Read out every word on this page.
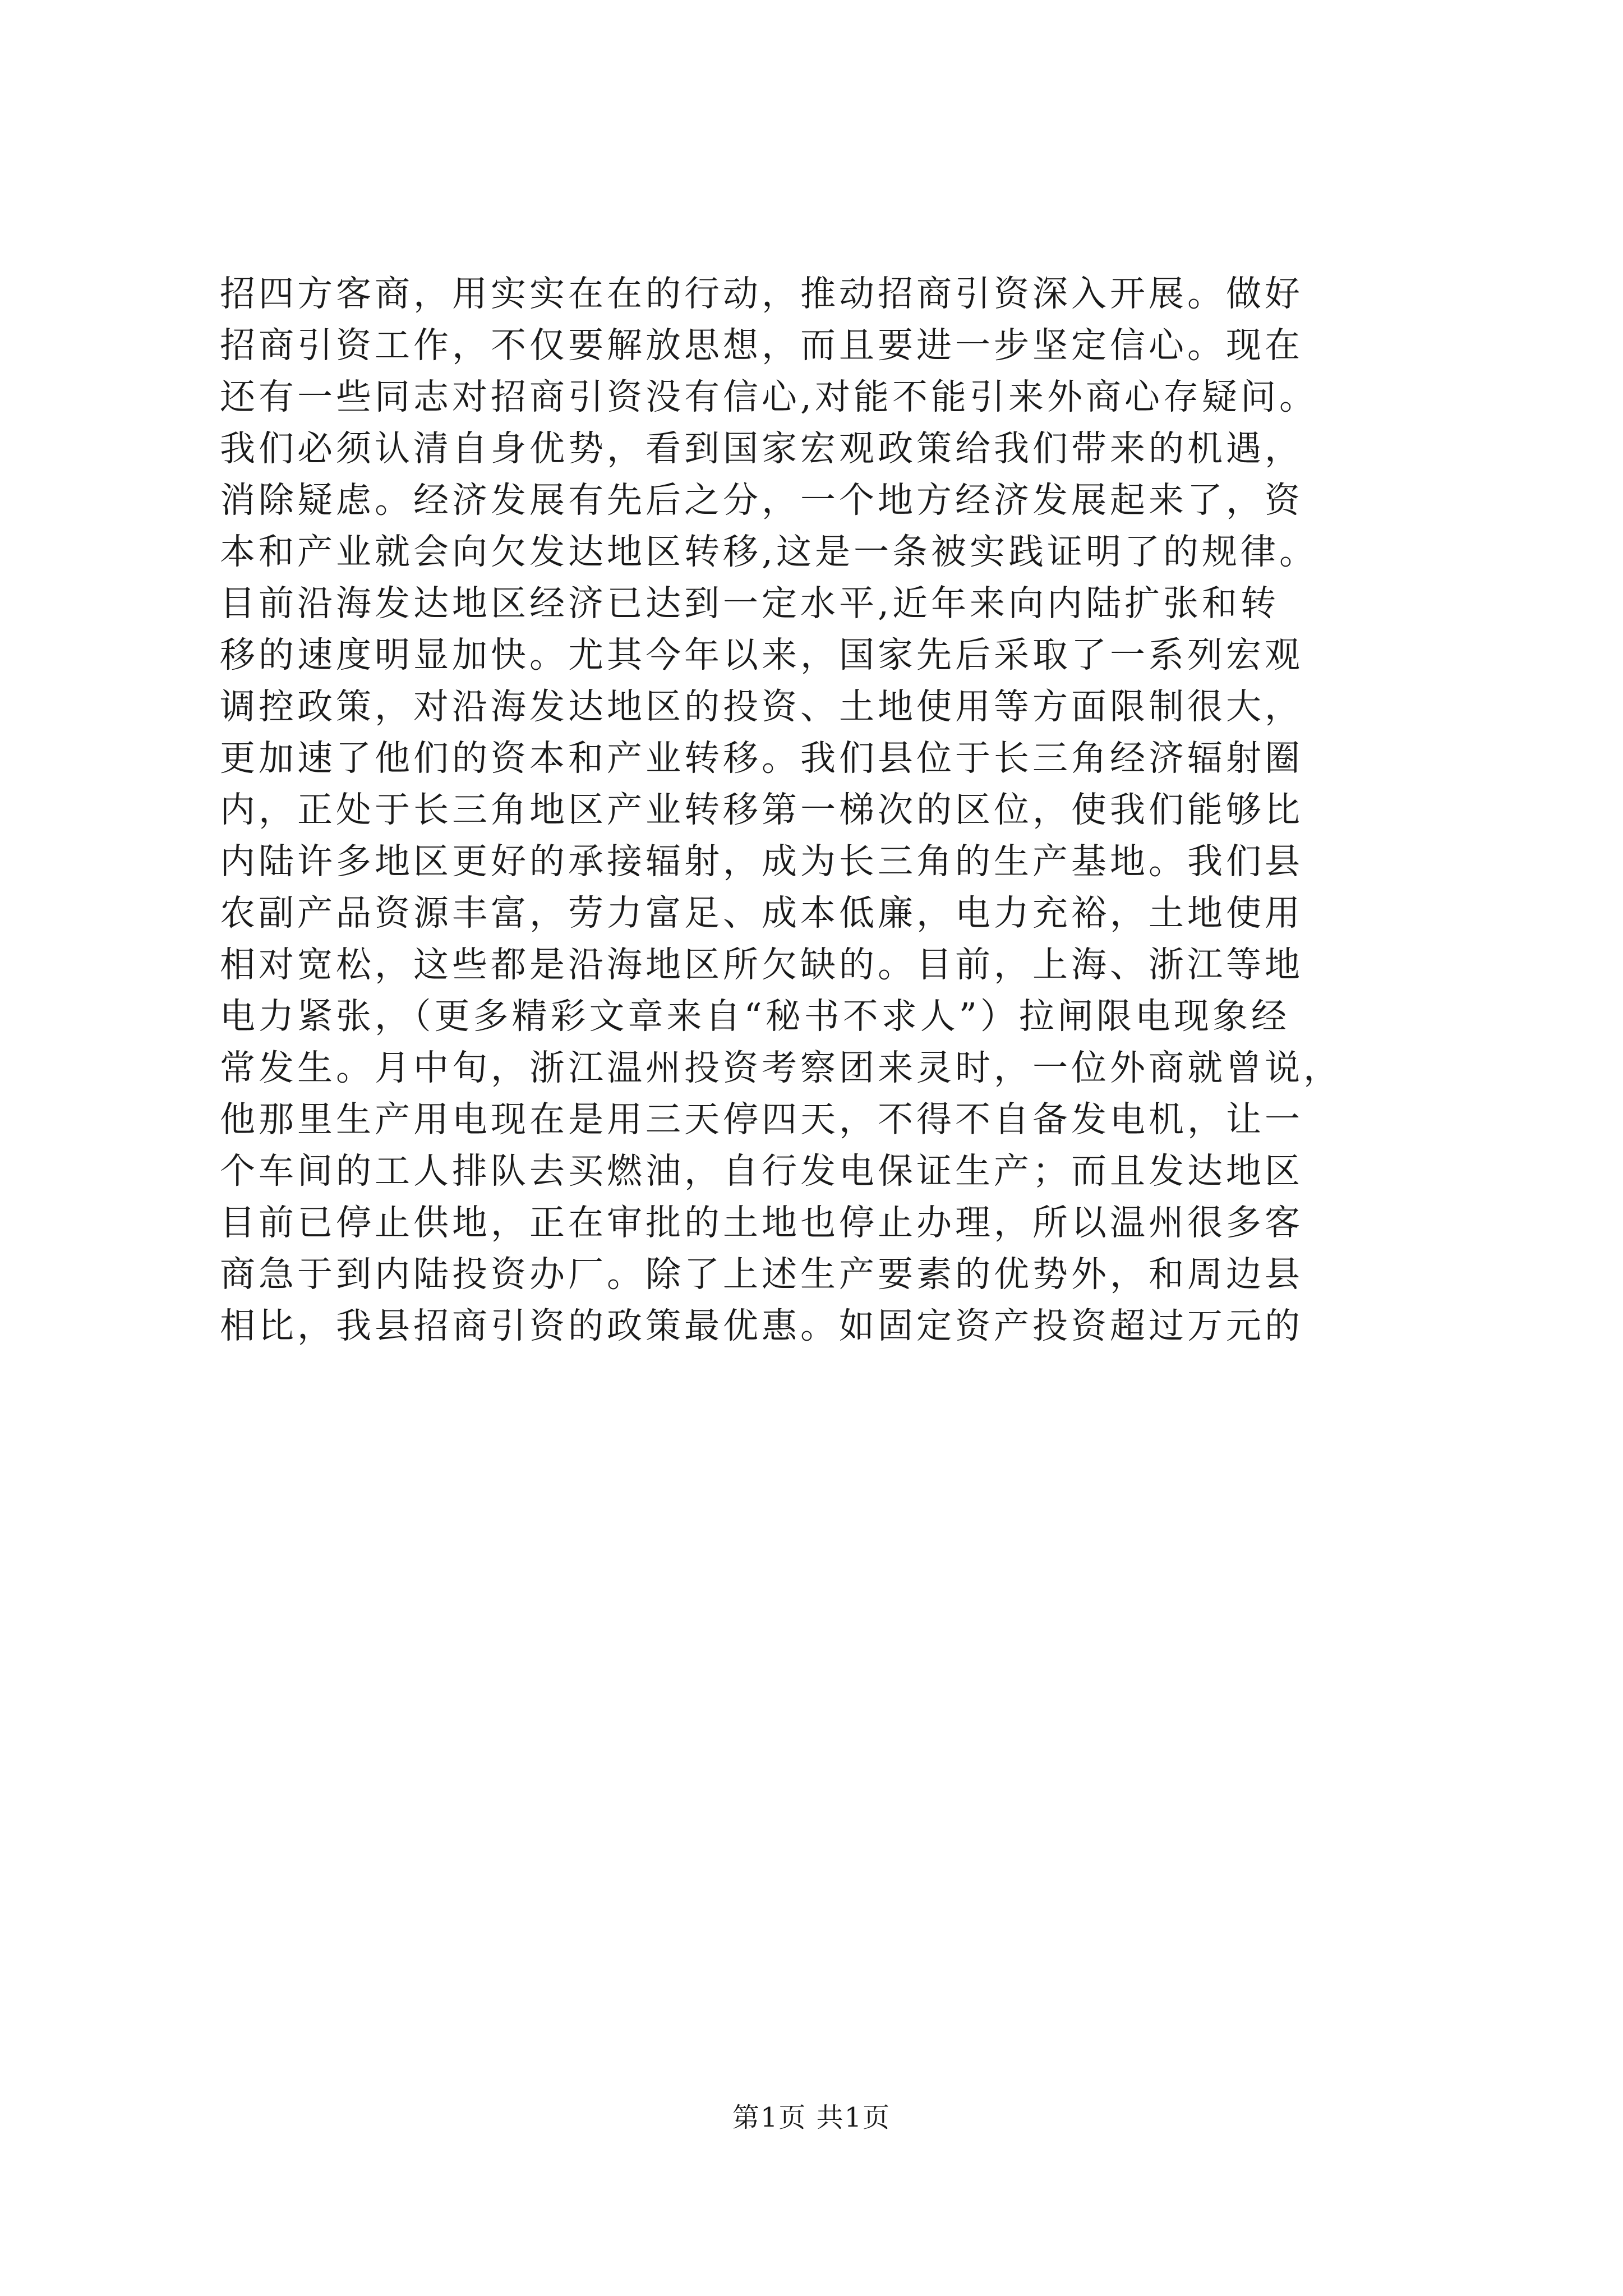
招四方客商，用实实在在的行动，推动招商引资深入开展。做好
招商引资工作，不仅要解放思想，而且要进一步坚定信心。现在
还有一些同志对招商引资没有信心,对能不能引来外商心存疑问。
我们必须认清自身优势，看到国家宏观政策给我们带来的机遇，
消除疑虑。经济发展有先后之分，一个地方经济发展起来了，资
本和产业就会向欠发达地区转移,这是一条被实践证明了的规律。
目前沿海发达地区经济已达到一定水平,近年来向内陆扩张和转
移的速度明显加快。尤其今年以来，国家先后采取了一系列宏观
调控政策，对沿海发达地区的投资、土地使用等方面限制很大，
更加速了他们的资本和产业转移。我们县位于长三角经济辐射圈
内，正处于长三角地区产业转移第一梯次的区位，使我们能够比
内陆许多地区更好的承接辐射，成为长三角的生产基地。我们县
农副产品资源丰富，劳力富足、成本低廉，电力充裕，土地使用
相对宽松，这些都是沿海地区所欠缺的。目前，上海、浙江等地
电力紧张，（更多精彩文章来自“秘书不求人”）拉闸限电现象经
常发生。月中旬，浙江温州投资考察团来灵时，一位外商就曾说，
他那里生产用电现在是用三天停四天，不得不自备发电机，让一
个车间的工人排队去买燃油，自行发电保证生产；而且发达地区
目前已停止供地，正在审批的土地也停止办理，所以温州很多客
商急于到内陆投资办厂。除了上述生产要素的优势外，和周边县
相比，我县招商引资的政策最优惠。如固定资产投资超过万元的
第1页 共1页
